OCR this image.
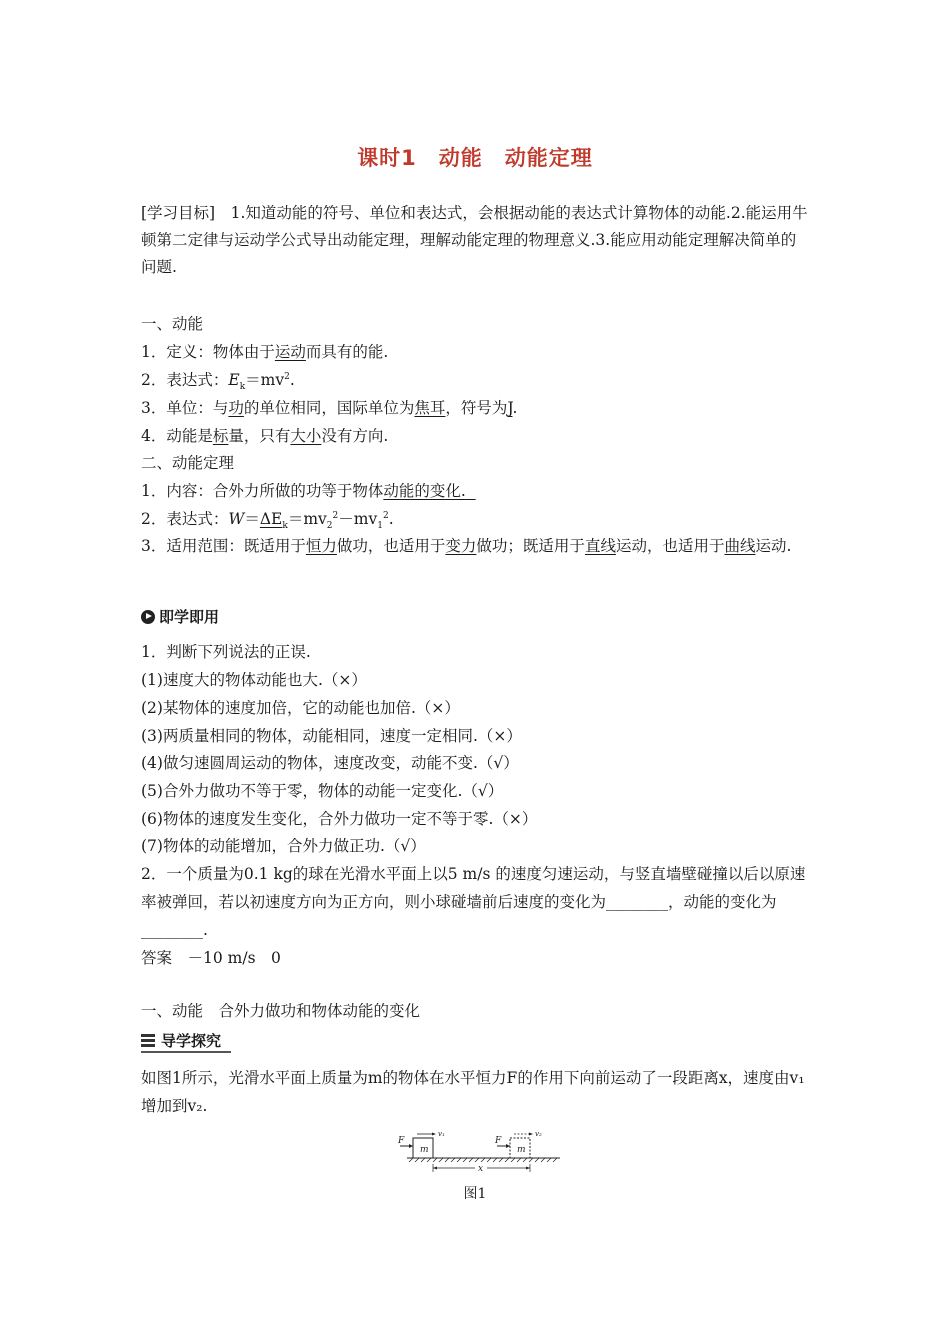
课时1　动能　动能定理

[学习目标]　1.知道动能的符号、单位和表达式，会根据动能的表达式计算物体的动能.2.能运用牛顿第二定律与运动学公式导出动能定理，理解动能定理的物理意义.3.能应用动能定理解决简单的问题.

一、动能
1．定义：物体由于运动而具有的能.
2．表达式：$E_k=mv^2$.
3．单位：与功的单位相同，国际单位为焦耳，符号为J.
4．动能是标量，只有大小没有方向.
二、动能定理
1．内容：合外力所做的功等于物体动能的变化.
2．表达式：$W=\Delta E_k=mv_2^2-mv_1^2$.

3．适用范围：既适用于恒力做功，也适用于变力做功；既适用于直线运动，也适用于曲线运动.

即学即用
1．判断下列说法的正误.
(1)速度大的物体动能也大.（×）
(2)某物体的速度加倍，它的动能也加倍.（×）
(3)两质量相同的物体，动能相同，速度一定相同.（×）
(4)做匀速圆周运动的物体，速度改变，动能不变.（√）
(5)合外力做功不等于零，物体的动能一定变化.（√）
(6)物体的速度发生变化，合外力做功一定不等于零.（×）
(7)物体的动能增加，合外力做正功.（√）

2．一个质量为0.1 kg的球在光滑水平面上以5 m/s 的速度匀速运动，与竖直墙壁碰撞以后以原速率被弹回，若以初速度方向为正方向，则小球碰墙前后速度的变化为________，动能的变化为________.

答案　－10 m/s　0
一、动能　合外力做功和物体动能的变化
导学探究

如图1所示，光滑水平面上质量为m的物体在水平恒力F的作用下向前运动了一段距离x，速度由v₁增加到v₂.

m
F
v₁
m
F
v₂
x
图1
